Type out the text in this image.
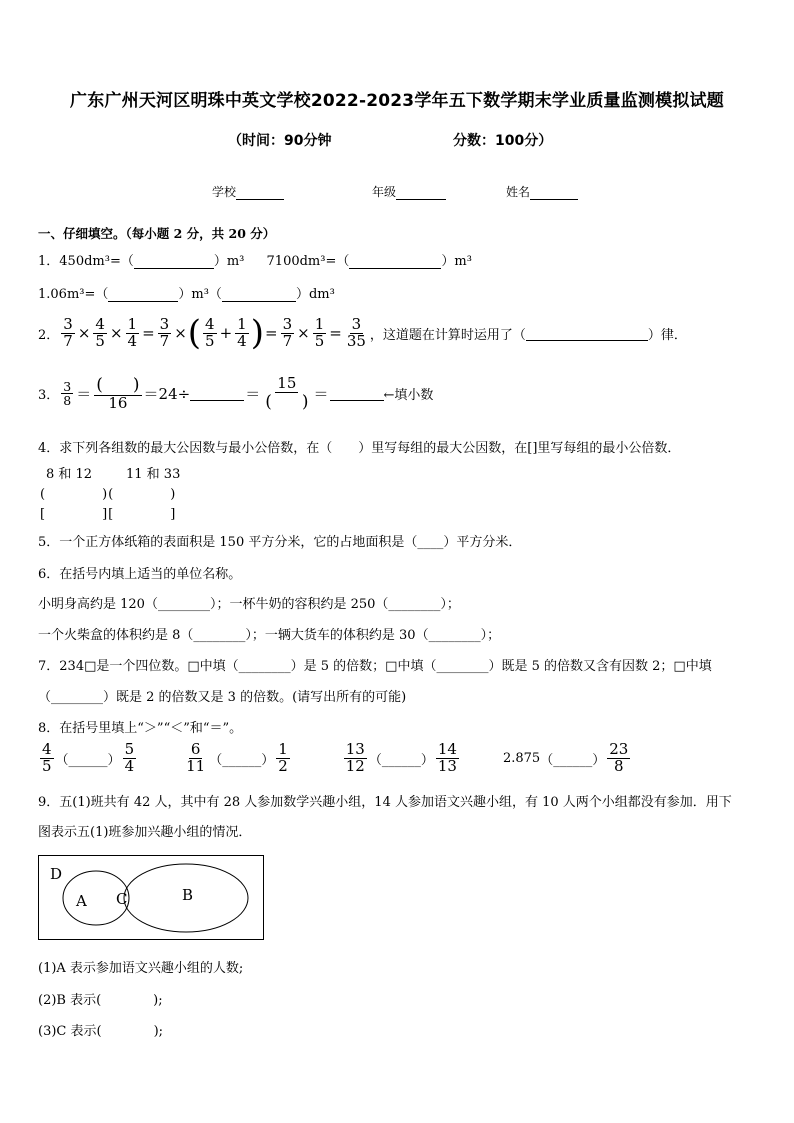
广东广州天河区明珠中英文学校2022-2023学年五下数学期末学业质量监测模拟试题
（时间：90分钟	分数：100分）
学校	年级	姓名
一、仔细填空。（每小题 2 分，共 20 分）
1．450dm³=（	）m³ 7100dm³=（	）m³
1.06m³=（	）m³（	）dm³
2． $\frac{3}{7} \times \frac{4}{5} \times \frac{1}{4} = \frac{3}{7}$ × ( $\frac{4}{5} + \frac{1}{4}$ ) = $\frac{3}{7} \times \frac{1}{5} = \frac{3}{35}$ ，这道题在计算时运用了（	）律．
3． $\frac{3}{8} = \frac{( )}{16} =24\div$	＝ $\frac{15}{( )}$ ＝	←填小数
4．求下列各组数的最大公因数与最小公倍数，在（　　）里写每组的最大公因数，在[]里写每组的最小公倍数．
8 和 12	11 和 33
(　　　　)(　　　　)
[　　　　][　　　　]
5．一个正方体纸箱的表面积是 150 平方分米，它的占地面积是（____）平方分米．
6．在括号内填上适当的单位名称。
小明身高约是 120（________）；一杯牛奶的容积约是 250（________）；
一个火柴盒的体积约是 8（________）；一辆大货车的体积约是 30（________）；
7．234□是一个四位数。□中填（________）是 5 的倍数；□中填（________）既是 5 的倍数又含有因数 2；□中填
（________）既是 2 的倍数又是 3 的倍数。(请写出所有的可能)
8．在括号里填上“＞”“＜”和“＝”。
$\frac{4}{5}$ （______） $\frac{5}{4}$	$\frac{6}{11}$ （______） $\frac{1}{2}$	$\frac{13}{12}$ （______） $\frac{14}{13}$	2.875 （______） $\frac{23}{8}$
9．五(1)班共有 42 人，其中有 28 人参加数学兴趣小组，14 人参加语文兴趣小组，有 10 人两个小组都没有参加．用下
图表示五(1)班参加兴趣小组的情况．
D
A C	B
(1)A 表示参加语文兴趣小组的人数;
(2)B 表示(　　　　);
(3)C 表示(　　　　);
